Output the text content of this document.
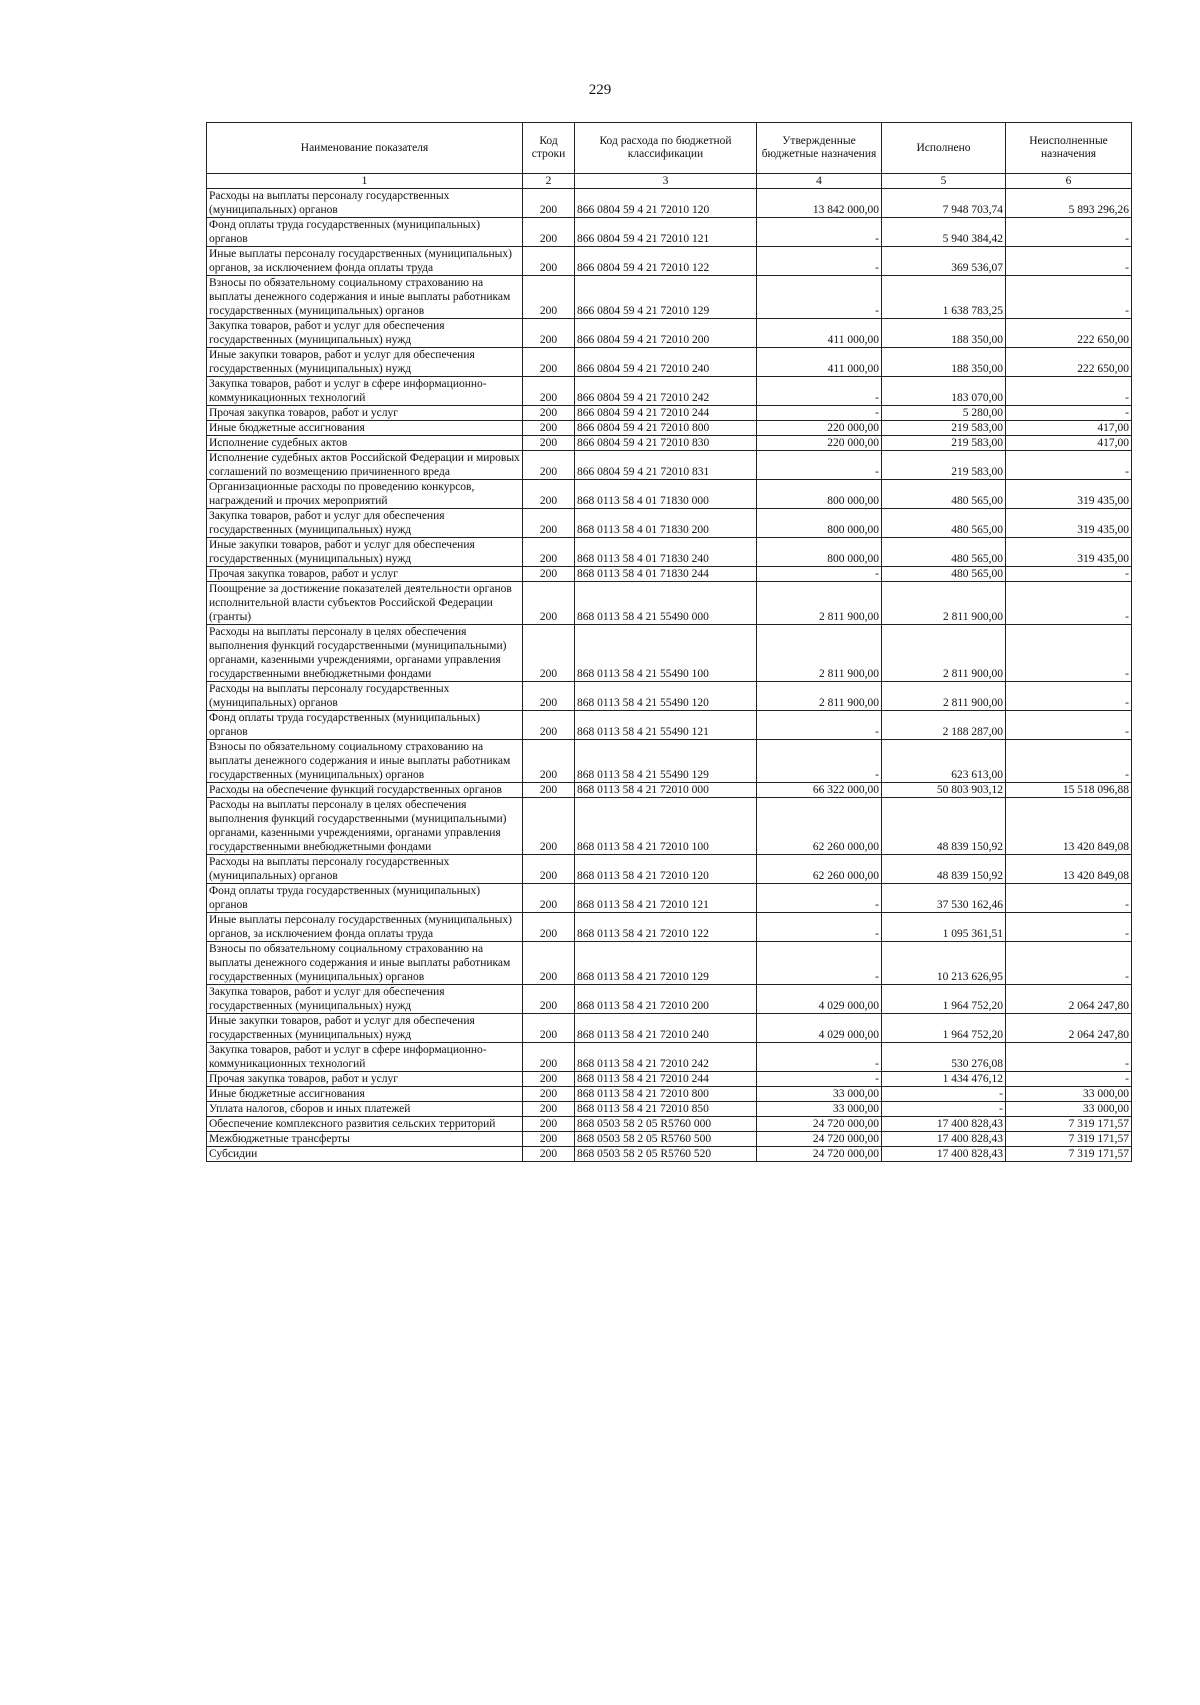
229
Наименование показателя	Код строки	Код расхода по бюджетной классификации	Утвержденные бюджетные назначения	Исполнено	Неисполненные назначения
1	2	3	4	5	6
Расходы на выплаты персоналу государственных (муниципальных) органов	200	866 0804 59 4 21 72010 120	13 842 000,00	7 948 703,74	5 893 296,26
Фонд оплаты труда государственных (муниципальных) органов	200	866 0804 59 4 21 72010 121	-	5 940 384,42	-
Иные выплаты персоналу государственных (муниципальных) органов, за исключением фонда оплаты труда	200	866 0804 59 4 21 72010 122	-	369 536,07	-
Взносы по обязательному социальному страхованию на выплаты денежного содержания и иные выплаты работникам государственных (муниципальных) органов	200	866 0804 59 4 21 72010 129	-	1 638 783,25	-
Закупка товаров, работ и услуг для обеспечения государственных (муниципальных) нужд	200	866 0804 59 4 21 72010 200	411 000,00	188 350,00	222 650,00
Иные закупки товаров, работ и услуг для обеспечения государственных (муниципальных) нужд	200	866 0804 59 4 21 72010 240	411 000,00	188 350,00	222 650,00
Закупка товаров, работ и услуг в сфере информационно-коммуникационных технологий	200	866 0804 59 4 21 72010 242	-	183 070,00	-
Прочая закупка товаров, работ и услуг	200	866 0804 59 4 21 72010 244	-	5 280,00	-
Иные бюджетные ассигнования	200	866 0804 59 4 21 72010 800	220 000,00	219 583,00	417,00
Исполнение судебных актов	200	866 0804 59 4 21 72010 830	220 000,00	219 583,00	417,00
Исполнение судебных актов Российской Федерации и мировых соглашений по возмещению причиненного вреда	200	866 0804 59 4 21 72010 831	-	219 583,00	-
Организационные расходы по проведению конкурсов, награждений и прочих мероприятий	200	868 0113 58 4 01 71830 000	800 000,00	480 565,00	319 435,00
Закупка товаров, работ и услуг для обеспечения государственных (муниципальных) нужд	200	868 0113 58 4 01 71830 200	800 000,00	480 565,00	319 435,00
Иные закупки товаров, работ и услуг для обеспечения государственных (муниципальных) нужд	200	868 0113 58 4 01 71830 240	800 000,00	480 565,00	319 435,00
Прочая закупка товаров, работ и услуг	200	868 0113 58 4 01 71830 244	-	480 565,00	-
Поощрение за достижение показателей деятельности органов исполнительной власти субъектов Российской Федерации (гранты)	200	868 0113 58 4 21 55490 000	2 811 900,00	2 811 900,00	-
Расходы на выплаты персоналу в целях обеспечения выполнения функций государственными (муниципальными) органами, казенными учреждениями, органами управления государственными внебюджетными фондами	200	868 0113 58 4 21 55490 100	2 811 900,00	2 811 900,00	-
Расходы на выплаты персоналу государственных (муниципальных) органов	200	868 0113 58 4 21 55490 120	2 811 900,00	2 811 900,00	-
Фонд оплаты труда государственных (муниципальных) органов	200	868 0113 58 4 21 55490 121	-	2 188 287,00	-
Взносы по обязательному социальному страхованию на выплаты денежного содержания и иные выплаты работникам государственных (муниципальных) органов	200	868 0113 58 4 21 55490 129	-	623 613,00	-
Расходы на обеспечение функций государственных органов	200	868 0113 58 4 21 72010 000	66 322 000,00	50 803 903,12	15 518 096,88
Расходы на выплаты персоналу в целях обеспечения выполнения функций государственными (муниципальными) органами, казенными учреждениями, органами управления государственными внебюджетными фондами	200	868 0113 58 4 21 72010 100	62 260 000,00	48 839 150,92	13 420 849,08
Расходы на выплаты персоналу государственных (муниципальных) органов	200	868 0113 58 4 21 72010 120	62 260 000,00	48 839 150,92	13 420 849,08
Фонд оплаты труда государственных (муниципальных) органов	200	868 0113 58 4 21 72010 121	-	37 530 162,46	-
Иные выплаты персоналу государственных (муниципальных) органов, за исключением фонда оплаты труда	200	868 0113 58 4 21 72010 122	-	1 095 361,51	-
Взносы по обязательному социальному страхованию на выплаты денежного содержания и иные выплаты работникам государственных (муниципальных) органов	200	868 0113 58 4 21 72010 129	-	10 213 626,95	-
Закупка товаров, работ и услуг для обеспечения государственных (муниципальных) нужд	200	868 0113 58 4 21 72010 200	4 029 000,00	1 964 752,20	2 064 247,80
Иные закупки товаров, работ и услуг для обеспечения государственных (муниципальных) нужд	200	868 0113 58 4 21 72010 240	4 029 000,00	1 964 752,20	2 064 247,80
Закупка товаров, работ и услуг в сфере информационно-коммуникационных технологий	200	868 0113 58 4 21 72010 242	-	530 276,08	-
Прочая закупка товаров, работ и услуг	200	868 0113 58 4 21 72010 244	-	1 434 476,12	-
Иные бюджетные ассигнования	200	868 0113 58 4 21 72010 800	33 000,00	-	33 000,00
Уплата налогов, сборов и иных платежей	200	868 0113 58 4 21 72010 850	33 000,00	-	33 000,00
Обеспечение комплексного развития сельских территорий	200	868 0503 58 2 05 R5760 000	24 720 000,00	17 400 828,43	7 319 171,57
Межбюджетные трансферты	200	868 0503 58 2 05 R5760 500	24 720 000,00	17 400 828,43	7 319 171,57
Субсидии	200	868 0503 58 2 05 R5760 520	24 720 000,00	17 400 828,43	7 319 171,57
